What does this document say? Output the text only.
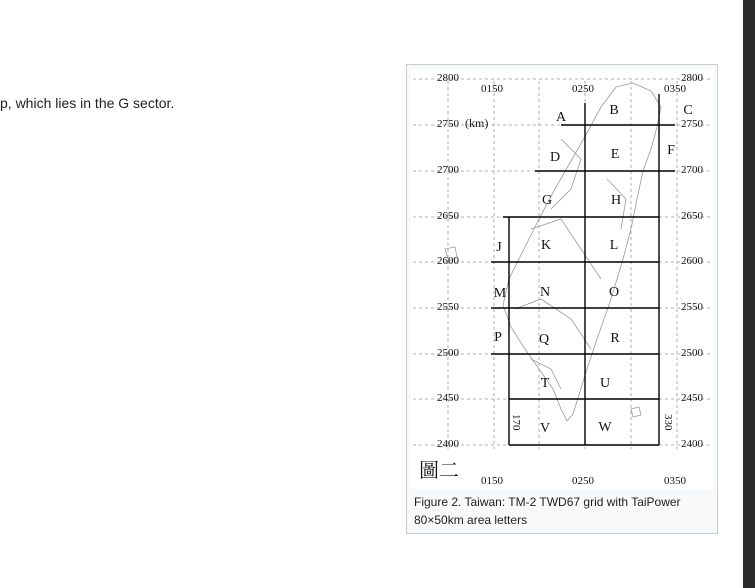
p, which lies in the G sector.
2800
2750
2700
2650
2600
2550
2500
2450
2400
(km)
2800
2750
2700
2650
2600
2550
2500
2450
2400
0150	0250	0350
0150	0250	0350
170	330
圖二
A	B	C
D	E	F
G	H
J	K	L
M N	O
P	Q	R
T	U
V	W
Figure 2. Taiwan: TM-2 TWD67 grid with TaiPower 80×50km area letters
